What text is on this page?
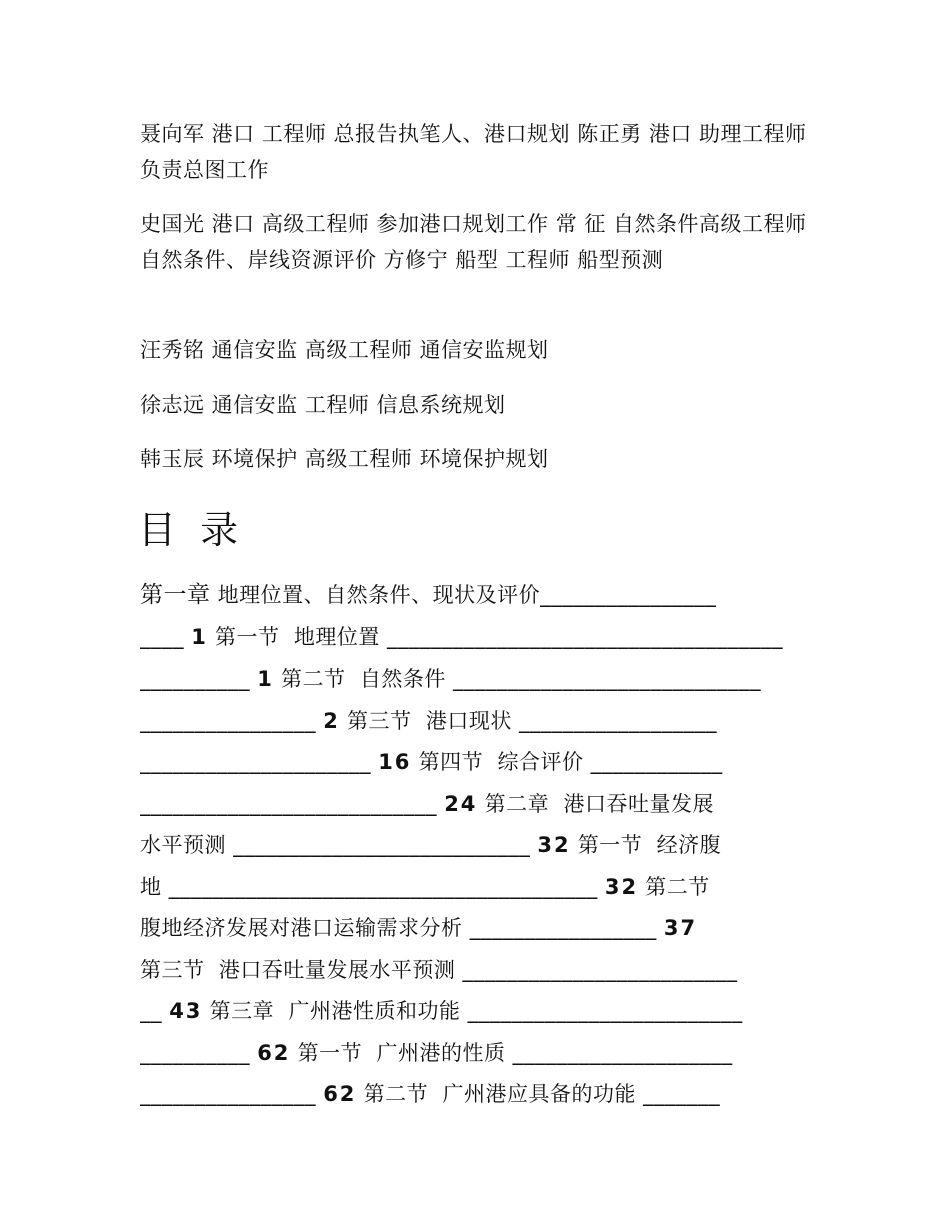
聂向军 港口 工程师 总报告执笔人、港口规划 陈正勇 港口 助理工程师 负责总图工作

史国光 港口 高级工程师 参加港口规划工作 常 征 自然条件高级工程师 自然条件、岸线资源评价 方修宁 船型 工程师 船型预测

汪秀铭 通信安监 高级工程师 通信安监规划

徐志远 通信安监 工程师 信息系统规划

韩玉辰 环境保护 高级工程师 环境保护规划

目 录
第一章 地理位置、自然条件、现状及评价________________
____ 1 第一节  地理位置 ____________________________________
__________ 1 第二节  自然条件 ____________________________
________________ 2 第三节  港口现状 __________________
_____________________ 16 第四节  综合评价 ____________
___________________________ 24 第二章  港口吞吐量发展
水平预测 ___________________________ 32 第一节  经济腹
地 _______________________________________ 32 第二节
腹地经济发展对港口运输需求分析 _________________ 37
第三节  港口吞吐量发展水平预测 _________________________
__ 43 第三章  广州港性质和功能 _________________________
__________ 62 第一节  广州港的性质 ____________________
________________ 62 第二节  广州港应具备的功能 _______
